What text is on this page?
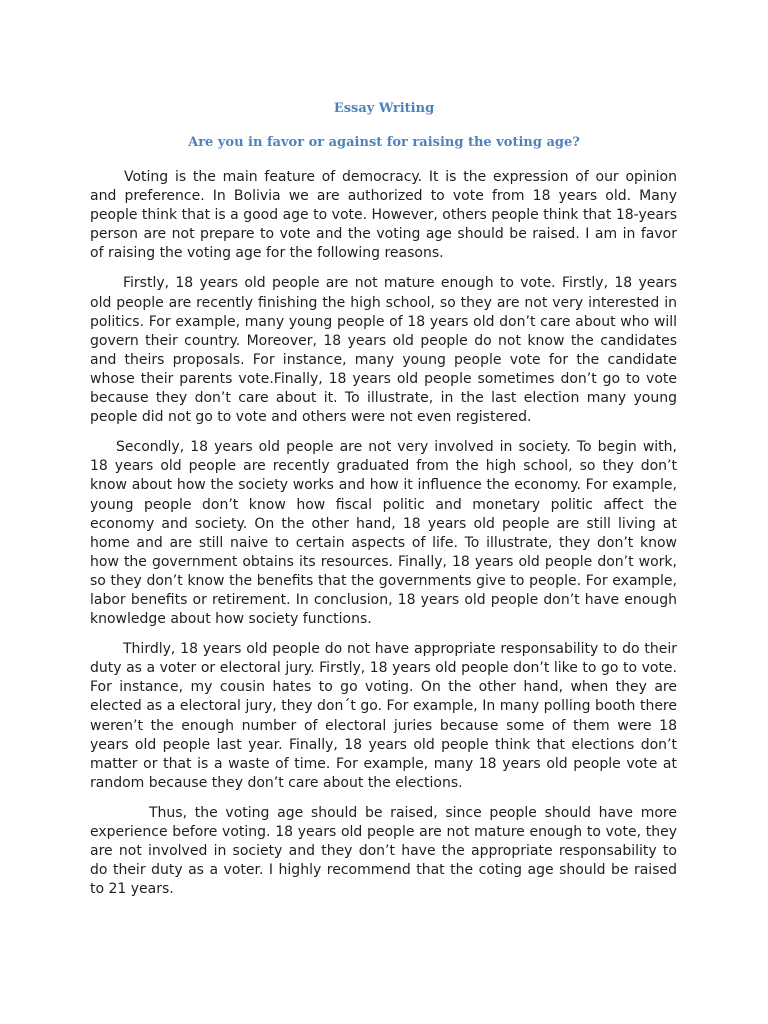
Essay Writing
Are you in favor or against for raising the voting age?

Voting is the main feature of democracy. It is the expression of our opinion and preference. In Bolivia we are authorized to vote from 18 years old. Many people think that is a good age to vote. However, others people think that 18-years person are not prepare to vote and the voting age should be raised. I am in favor of raising the voting age for the following reasons.

Firstly, 18 years old people are not mature enough to vote. Firstly, 18 years old people are recently finishing the high school, so they are not very interested in politics. For example, many young people of 18 years old don’t care about who will govern their country. Moreover, 18 years old people do not know the candidates and theirs proposals. For instance, many young people vote for the candidate whose their parents vote.Finally, 18 years old people sometimes don’t go to vote because they don’t care about it. To illustrate, in the last election many young people did not go to vote and others were not even registered.

Secondly, 18 years old people are not very involved in society. To begin with, 18 years old people are recently graduated from the high school, so they don’t know about how the society works and how it influence the economy. For example, young people don’t know how fiscal politic and monetary politic affect the economy and society. On the other hand, 18 years old people are still living at home and are still naive to certain aspects of life. To illustrate, they don’t know how the government obtains its resources. Finally, 18 years old people don’t work, so they don’t know the benefits that the governments give to people. For example, labor benefits or retirement. In conclusion, 18 years old people don’t have enough knowledge about how society functions.

Thirdly, 18 years old people do not have appropriate responsability to do their duty as a voter or electoral jury. Firstly, 18 years old people don’t like to go to vote. For instance, my cousin hates to go voting. On the other hand, when they are elected as a electoral jury, they don´t go. For example, In many polling booth there weren’t the enough number of electoral juries because some of them were 18 years old people last year. Finally, 18 years old people think that elections don’t matter or that is a waste of time. For example, many 18 years old people vote at random because they don’t care about the elections.

Thus, the voting age should be raised, since people should have more experience before voting. 18 years old people are not mature enough to vote, they are not involved in society and they don’t have the appropriate responsability to do their duty as a voter. I highly recommend that the coting age should be raised to 21 years.
